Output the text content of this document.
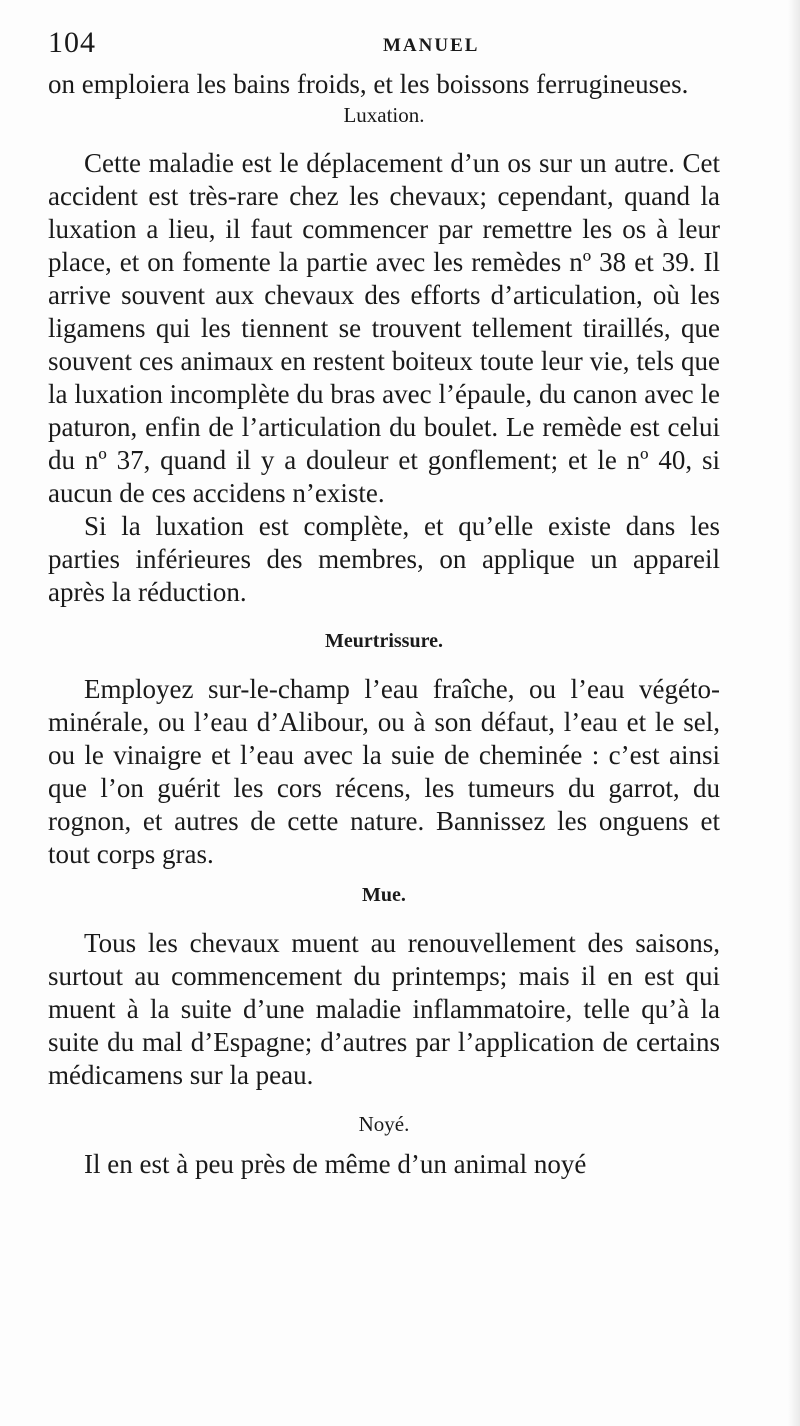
104	MANUEL

on emploiera les bains froids, et les boissons ferrugineuses.

Luxation.

Cette maladie est le déplacement d’un os sur un autre. Cet accident est très-rare chez les chevaux; cependant, quand la luxation a lieu, il faut commencer par remettre les os à leur place, et on fomente la partie avec les remèdes nº 38 et 39. Il arrive souvent aux chevaux des efforts d’articulation, où les ligamens qui les tiennent se trouvent tellement tiraillés, que souvent ces animaux en restent boiteux toute leur vie, tels que la luxation incomplète du bras avec l’épaule, du canon avec le paturon, enfin de l’articulation du boulet. Le remède est celui du nº 37, quand il y a douleur et gonflement; et le nº 40, si aucun de ces accidens n’existe.

Si la luxation est complète, et qu’elle existe dans les parties inférieures des membres, on applique un appareil après la réduction.

Meurtrissure.

Employez sur-le-champ l’eau fraîche, ou l’eau végéto-minérale, ou l’eau d’Alibour, ou à son défaut, l’eau et le sel, ou le vinaigre et l’eau avec la suie de cheminée : c’est ainsi que l’on guérit les cors récens, les tumeurs du garrot, du rognon, et autres de cette nature. Bannissez les onguens et tout corps gras.

Mue.

Tous les chevaux muent au renouvellement des saisons, surtout au commencement du printemps; mais il en est qui muent à la suite d’une maladie inflammatoire, telle qu’à la suite du mal d’Espagne; d’autres par l’application de certains médicamens sur la peau.

Noyé.

Il en est à peu près de même d’un animal noyé
